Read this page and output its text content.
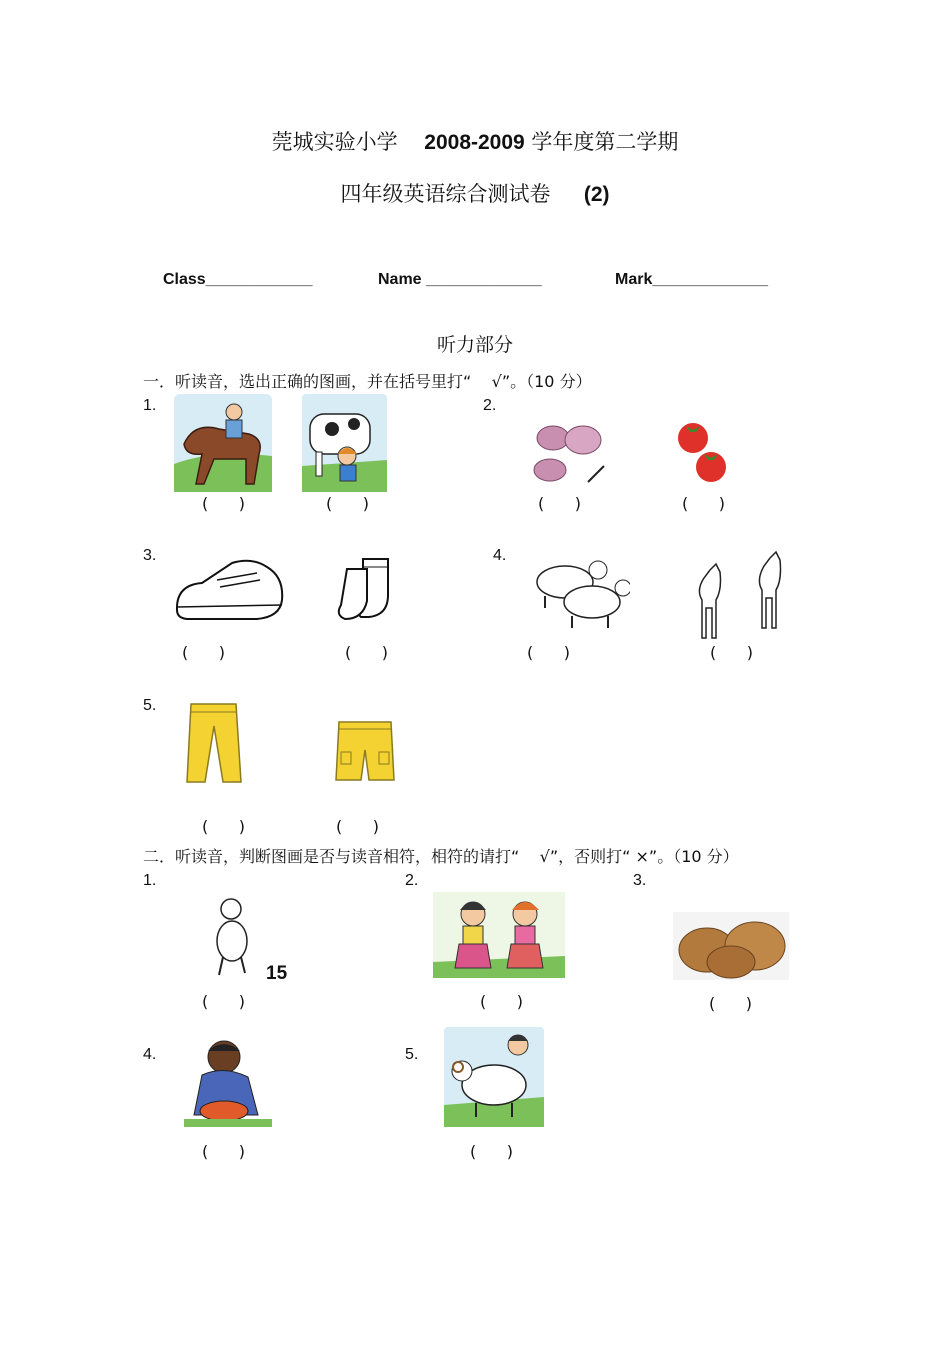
莞城实验小学 2008-2009 学年度第二学期
四年级英语综合测试卷 (2)
Class____________	Name _____________	Mark_____________
听力部分
一．听读音，选出正确的图画，并在括号里打“    √”。（10 分）
1.	2.
3.	4.
5.
(      )	(      )	(      )	(      )
(      )	(      )	(      )	(      )
(      )	(      )
二．听读音，判断图画是否与读音相符，相符的请打“    √”，否则打“ ×”。（10 分）
1.	2.	3.
15
(      )	(      )	(      )
4.	5.
(      )	(      )
